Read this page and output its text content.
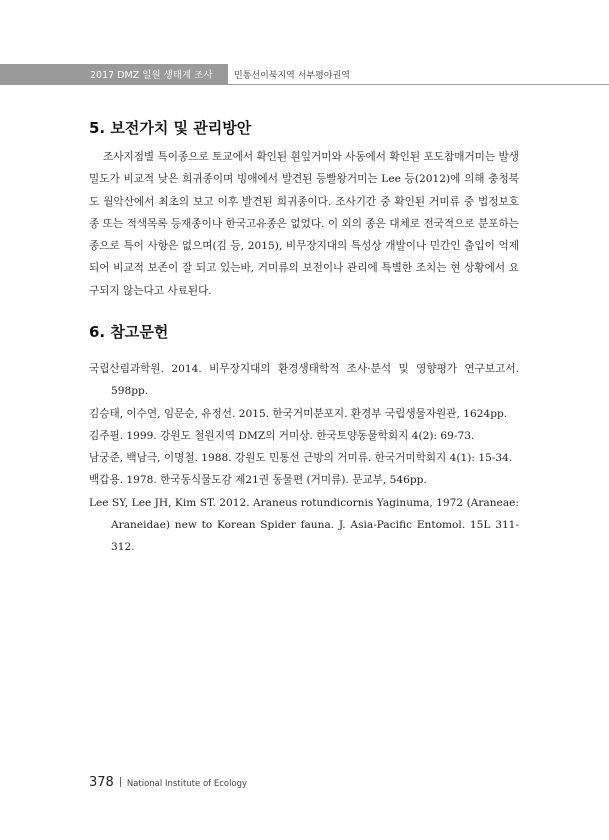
2017 DMZ 일원 생태계 조사 민통선이북지역 서부평야권역
5. 보전가치 및 관리방안

조사지점별 특이종으로 토교에서 확인된 흰잎거미와 사동에서 확인된 포도참매거미는 발생밀도가 비교적 낮은 희귀종이며 빙애에서 발견된 등빨왕거미는 Lee 등(2012)에 의해 충청북도 월악산에서 최초의 보고 이후 발견된 희귀종이다. 조사기간 중 확인된 거미류 중 법정보호종 또는 적색목록 등재종이나 한국고유종은 없었다. 이 외의 종은 대체로 전국적으로 분포하는 종으로 특이 사항은 없으며(김 등, 2015), 비무장지대의 특성상 개발이나 민간인 출입이 억제되어 비교적 보존이 잘 되고 있는바, 거미류의 보전이나 관리에 특별한 조치는 현 상황에서 요구되지 않는다고 사료된다.

6. 참고문헌
국립산림과학원. 2014. 비무장지대의 환경생태학적 조사·분석 및 영향평가 연구보고서. 598pp.
김승태, 이수연, 임문순, 유정선. 2015. 한국거미분포지. 환경부 국립생물자원관, 1624pp.
김주필. 1999. 강원도 철원지역 DMZ의 거미상. 한국토양동물학회지 4(2): 69-73.
남궁준, 백남극, 이명철. 1988. 강원도 민통선 근방의 거미류. 한국거미학회지 4(1): 15-34.
백갑용. 1978. 한국동식물도감 제21권 동물편 (거미류). 문교부, 546pp.
Lee SY, Lee JH, Kim ST. 2012. Araneus rotundicornis Yaginuma, 1972 (Araneae: Araneidae) new to Korean Spider fauna. J. Asia-Pacific Entomol. 15L 311-312.
378 National Institute of Ecology
